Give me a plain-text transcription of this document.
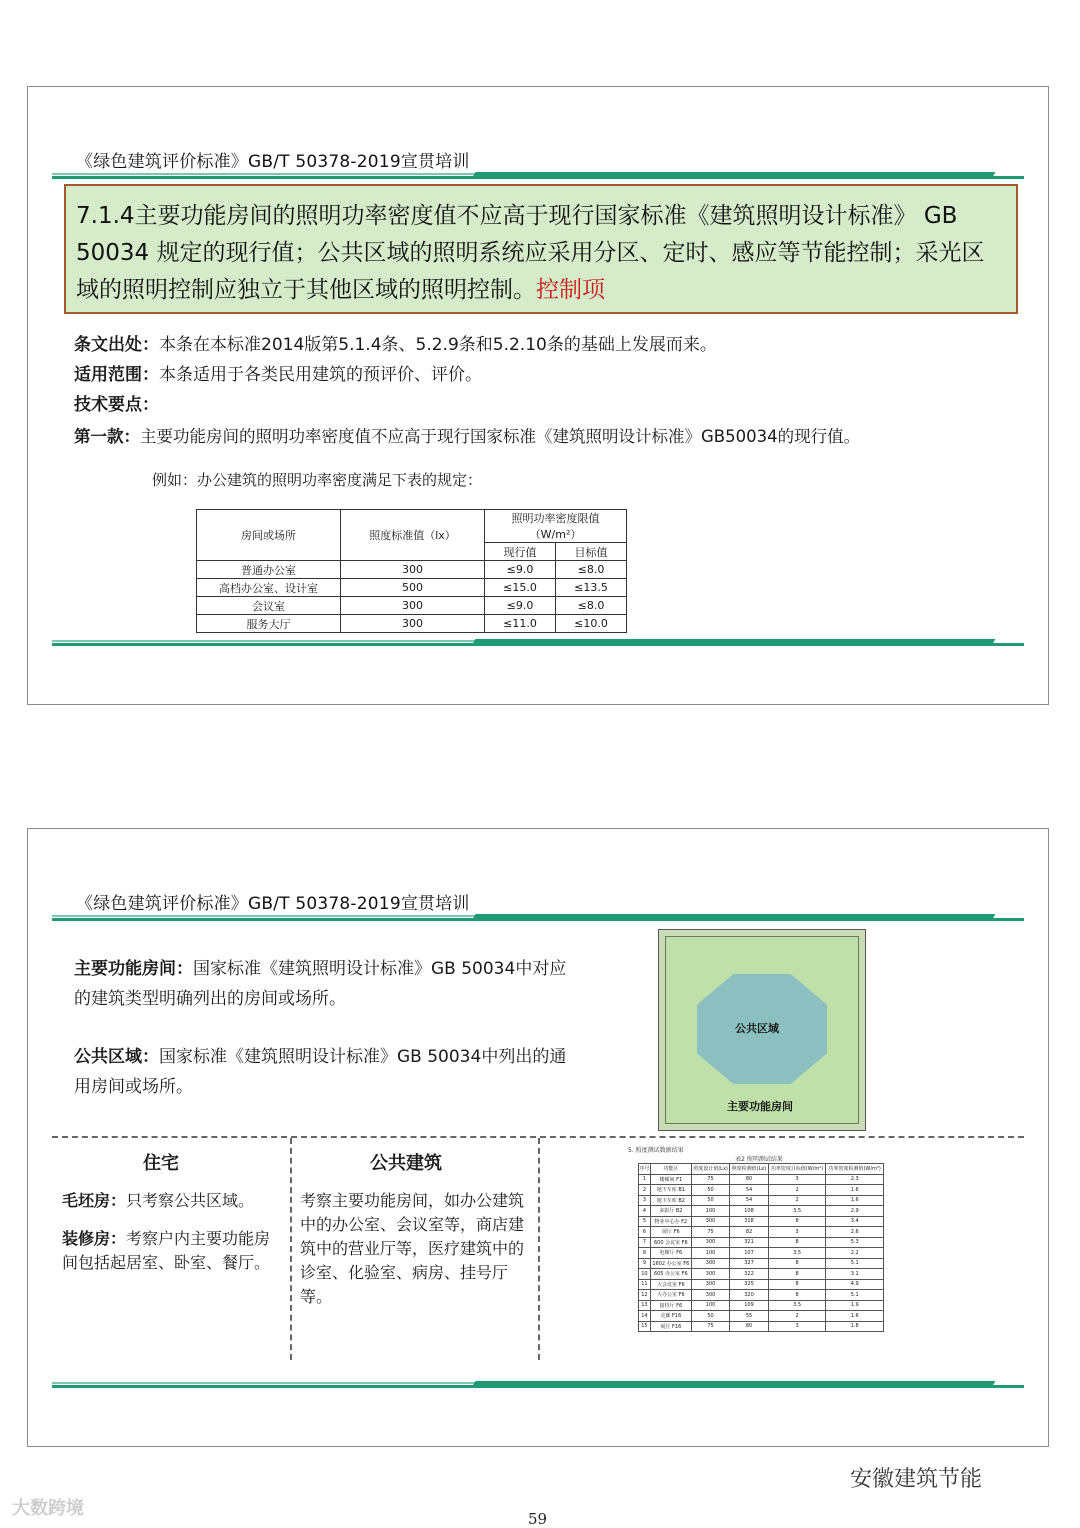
《绿色建筑评价标准》GB/T 50378-2019宣贯培训
7.1.4主要功能房间的照明功率密度值不应高于现行国家标准《建筑照明设计标准》 GB 50034 规定的现行值；公共区域的照明系统应采用分区、定时、感应等节能控制；采光区域的照明控制应独立于其他区域的照明控制。控制项
条文出处：本条在本标准2014版第5.1.4条、5.2.9条和5.2.10条的基础上发展而来。
适用范围：本条适用于各类民用建筑的预评价、评价。
技术要点：
第一款：主要功能房间的照明功率密度值不应高于现行国家标准《建筑照明设计标准》GB50034的现行值。
例如：办公建筑的照明功率密度满足下表的规定：
房间或场所	照度标准值（lx）	照明功率密度限值（W/m²）	
		现行值	目标值
普通办公室	300	≤9.0	≤8.0
高档办公室、设计室	500	≤15.0	≤13.5
会议室	300	≤9.0	≤8.0
服务大厅	300	≤11.0	≤10.0
《绿色建筑评价标准》GB/T 50378-2019宣贯培训
主要功能房间：国家标准《建筑照明设计标准》GB 50034中对应的建筑类型明确列出的房间或场所。
公共区域：国家标准《建筑照明设计标准》GB 50034中列出的通用房间或场所。
公共区域
主要功能房间
住宅
毛坯房：只考察公共区域。
装修房：考察户内主要功能房间包括起居室、卧室、餐厅。
公共建筑
考察主要功能房间，如办公建筑中的办公室、会议室等，商店建筑中的营业厅等，医疗建筑中的诊室、化验室、病房、挂号厅等。
5. 照度测试数据结果
表2 照明测试结果
序号	功能区	照度设计值(Lx)	照度检测值(Lx)	功率密度目标值(W/m²)	功率密度检测值(W/m²)
1	楼梯间 F1	75	80	3	2.3
2	地下车库 B1	50	54	2	1.6
3	地下车库 B2	50	54	2	1.6
4	多影厅 B2	100	108	3.5	2.9
5	物业中心办 F2	300	318	8	3.4
6	展厅 F6	75	82	3	2.6
7	600 会议室 F6	300	321	8	5.3
8	电梯厅 F6	100	107	3.5	2.2
9	1602 办公室 F6	300	327	8	5.1
10	605 办公室 F6	300	322	8	3.1
11	大会议室 F6	300	325	8	4.9
12	大办公室 F6	300	320	8	5.1
13	接待厅 F6	100	109	3.5	1.9
14	走廊 F16	50	55	2	1.6
15	展厅 F16	75	80	3	1.8
安徽建筑节能
大数跨境	59
